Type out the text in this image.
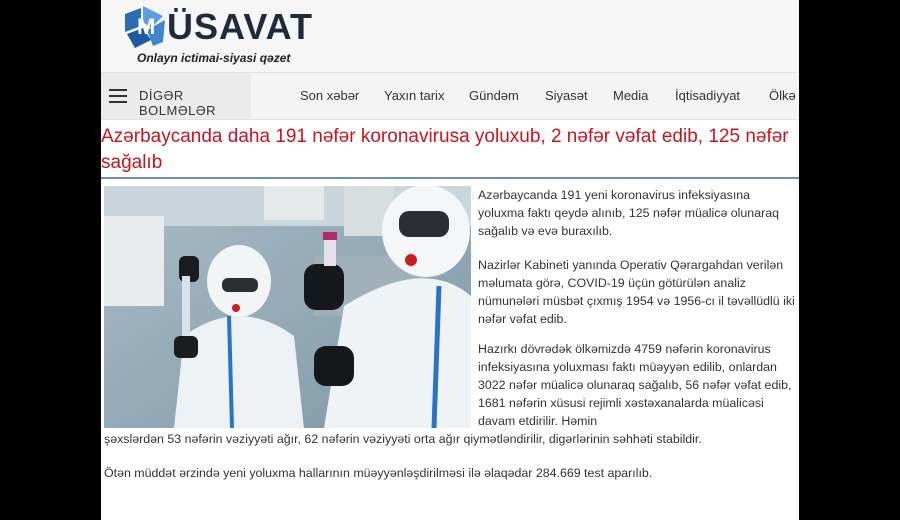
M ÜSAVAT
Onlayn ictimai-siyasi qəzet
DİGƏR BOLMƏLƏR
Son xəbər Yaxın tarix Gündəm Siyasət Media İqtisadiyyat Ölkə
Azərbaycanda daha 191 nəfər koronavirusa yoluxub, 2 nəfər vəfat edib, 125 nəfər sağalıb

Azərbaycanda 191 yeni koronavirus infeksiyasına yoluxma faktı qeydə alınıb, 125 nəfər müalicə olunaraq sağalıb və evə buraxılıb.

Nazirlər Kabineti yanında Operativ Qərargahdan verilən məlumata görə, COVID-19 üçün götürülən analiz nümunələri müsbət çıxmış 1954 və 1956-cı il təvəllüdlü iki nəfər vəfat edib.

Hazırkı dövrədək ölkəmizdə 4759 nəfərin koronavirus infeksiyasına yoluxması faktı müəyyən edilib, onlardan 3022 nəfər müalicə olunaraq sağalıb, 56 nəfər vəfat edib, 1681 nəfərin xüsusi rejimli xəstəxanalarda müalicəsi davam etdirilir. Həmin

şəxslərdən 53 nəfərin vəziyyəti ağır, 62 nəfərin vəziyyəti orta ağır qiymətləndirilir, digərlərinin səhhəti stabildir.

Ötən müddət ərzində yeni yoluxma hallarının müəyyənləşdirilməsi ilə əlaqədar 284.669 test aparılıb.
